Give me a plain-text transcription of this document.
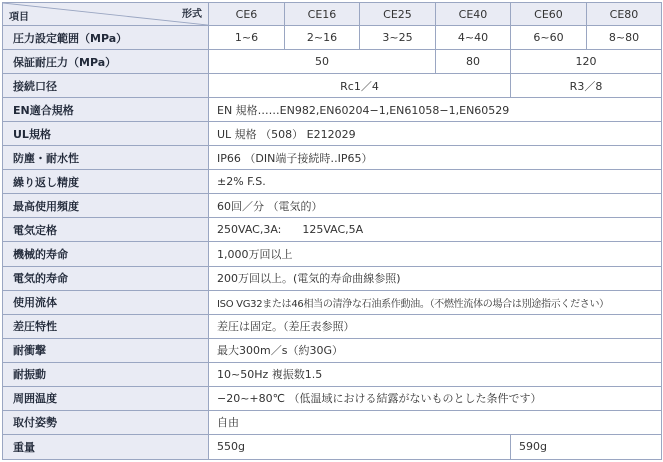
項目 形式	CE6	CE16	CE25	CE40	CE60	CE80
圧力設定範囲（MPa）	1~6	2~16	3~25	4~40	6~60	8~80
保証耐圧力（MPa）	50			80	120	
接続口径	Rc1／4				R3／8	
EN適合規格	EN 規格……EN982,EN60204−1,EN61058−1,EN60529					
UL規格	UL 規格 （508） E212029					
防塵・耐水性	IP66 （DIN端子接続時‥IP65）					
繰り返し精度	±2% F.S.					
最高使用頻度	60回／分 （電気的）					
電気定格	250VAC,3A:      125VAC,5A					
機械的寿命	1,000万回以上					
電気的寿命	200万回以上。(電気的寿命曲線参照)					
使用流体	ISO VG32または46相当の清浄な石油系作動油。（不燃性流体の場合は別途指示ください）					
差圧特性	差圧は固定。（差圧表参照）					
耐衝撃	最大300m／s（約30G）					
耐振動	10~50Hz 複振数1.5					
周囲温度	−20~+80℃ （低温域における結露がないものとした条件です）					
取付姿勢	自由					
重量	550g				590g	
